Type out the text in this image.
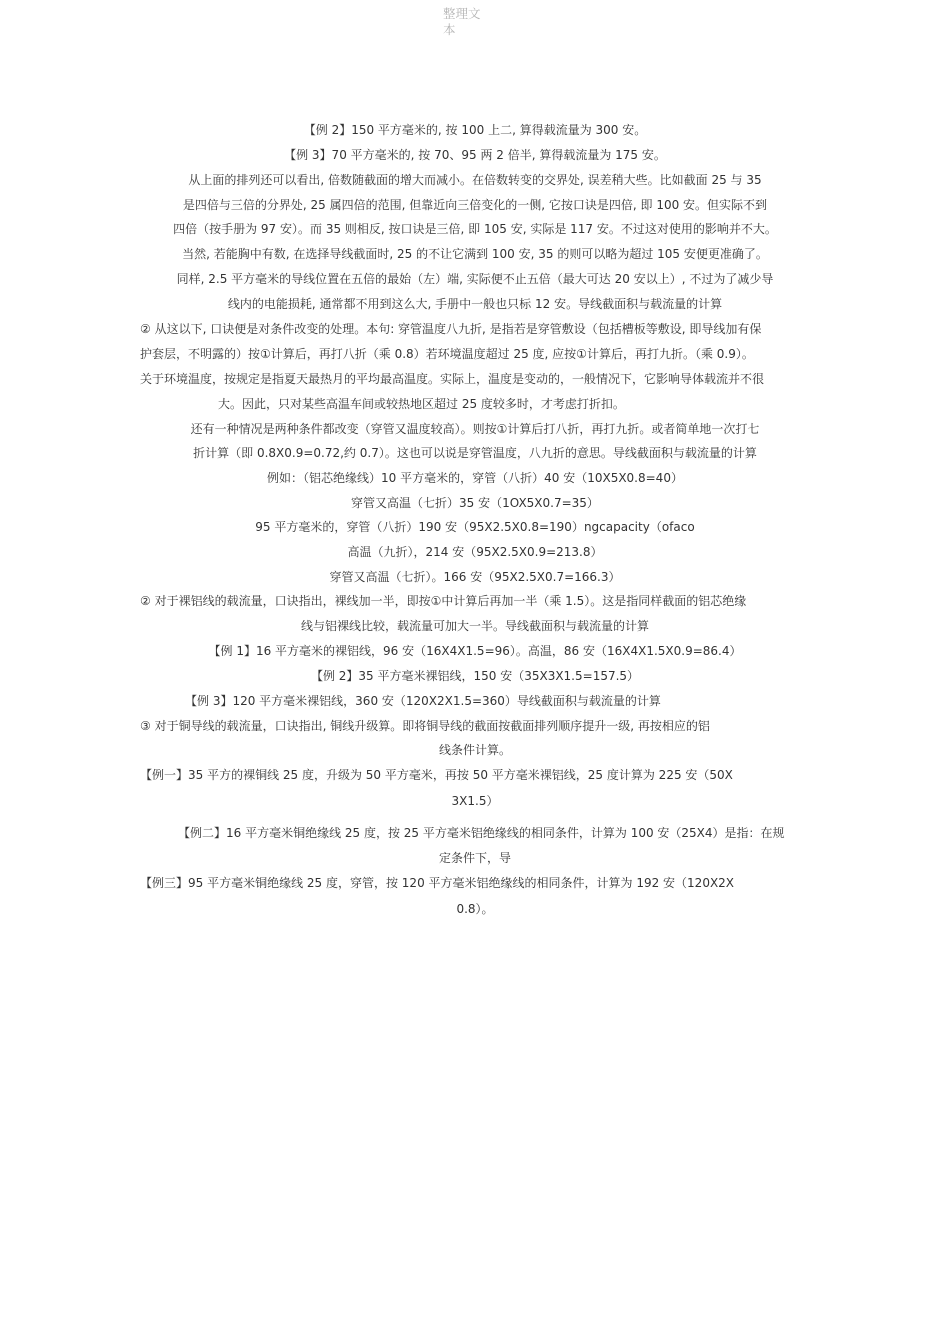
整理文
本
【例 2】150 平方毫米的, 按 100 上二, 算得载流量为 300 安。
【例 3】70 平方毫米的, 按 70、95 两 2 倍半, 算得载流量为 175 安。
从上面的排列还可以看出, 倍数随截面的增大而减小。在倍数转变的交界处, 误差稍大些。比如截面 25 与 35
是四倍与三倍的分界处, 25 属四倍的范围, 但靠近向三倍变化的一侧, 它按口诀是四倍, 即 100 安。但实际不到
四倍（按手册为 97 安）。而 35 则相反, 按口诀是三倍, 即 105 安, 实际是 117 安。不过这对使用的影响并不大。
当然, 若能胸中有数, 在选择导线截面时, 25 的不让它满到 100 安, 35 的则可以略为超过 105 安便更准确了。
同样, 2.5 平方毫米的导线位置在五倍的最始（左）端, 实际便不止五倍（最大可达 20 安以上）, 不过为了减少导
线内的电能损耗, 通常都不用到这么大, 手册中一般也只标 12 安。导线截面积与载流量的计算
② 从这以下, 口诀便是对条件改变的处理。本句: 穿管温度八九折, 是指若是穿管敷设（包括槽板等敷设, 即导线加有保
护套层，不明露的）按①计算后，再打八折（乘 0.8）若环境温度超过 25 度, 应按①计算后，再打九折。（乘 0.9）。
关于环境温度，按规定是指夏天最热月的平均最高温度。实际上，温度是变动的，一般情况下，它影响导体载流并不很
大。因此，只对某些高温车间或较热地区超过 25 度较多时，才考虑打折扣。
还有一种情况是两种条件都改变（穿管又温度较高）。则按①计算后打八折，再打九折。或者简单地一次打七
折计算（即 0.8X0.9=0.72,约 0.7）。这也可以说是穿管温度，八九折的意思。导线截面积与载流量的计算
例如：（铝芯绝缘线）10 平方毫米的，穿管（八折）40 安（10X5X0.8=40）
穿管又高温（七折）35 安（1OX5X0.7=35）
95 平方毫米的，穿管（八折）190 安（95X2.5X0.8=190）ngcapacity（ofaco
高温（九折），214 安（95X2.5X0.9=213.8）
穿管又高温（七折）。166 安（95X2.5X0.7=166.3）
② 对于裸铝线的载流量，口诀指出，裸线加一半，即按①中计算后再加一半（乘 1.5）。这是指同样截面的铝芯绝缘
线与铝裸线比较，载流量可加大一半。导线截面积与载流量的计算
【例 1】16 平方毫米的裸铝线，96 安（16X4X1.5=96）。高温，86 安（16X4X1.5X0.9=86.4）
【例 2】35 平方毫米裸铝线，150 安（35X3X1.5=157.5）
【例 3】120 平方毫米裸铝线，360 安（120X2X1.5=360）导线截面积与载流量的计算
③ 对于铜导线的载流量，口诀指出, 铜线升级算。即将铜导线的截面按截面排列顺序提升一级, 再按相应的铝
线条件计算。
【例一】35 平方的裸铜线 25 度，升级为 50 平方毫米，再按 50 平方毫米裸铝线，25 度计算为 225 安（50X
3X1.5）
【例二】16 平方毫米铜绝缘线 25 度，按 25 平方毫米铝绝缘线的相同条件，计算为 100 安（25X4）是指：在规
定条件下，导
【例三】95 平方毫米铜绝缘线 25 度，穿管，按 120 平方毫米铝绝缘线的相同条件，计算为 192 安（120X2X
0.8）。
